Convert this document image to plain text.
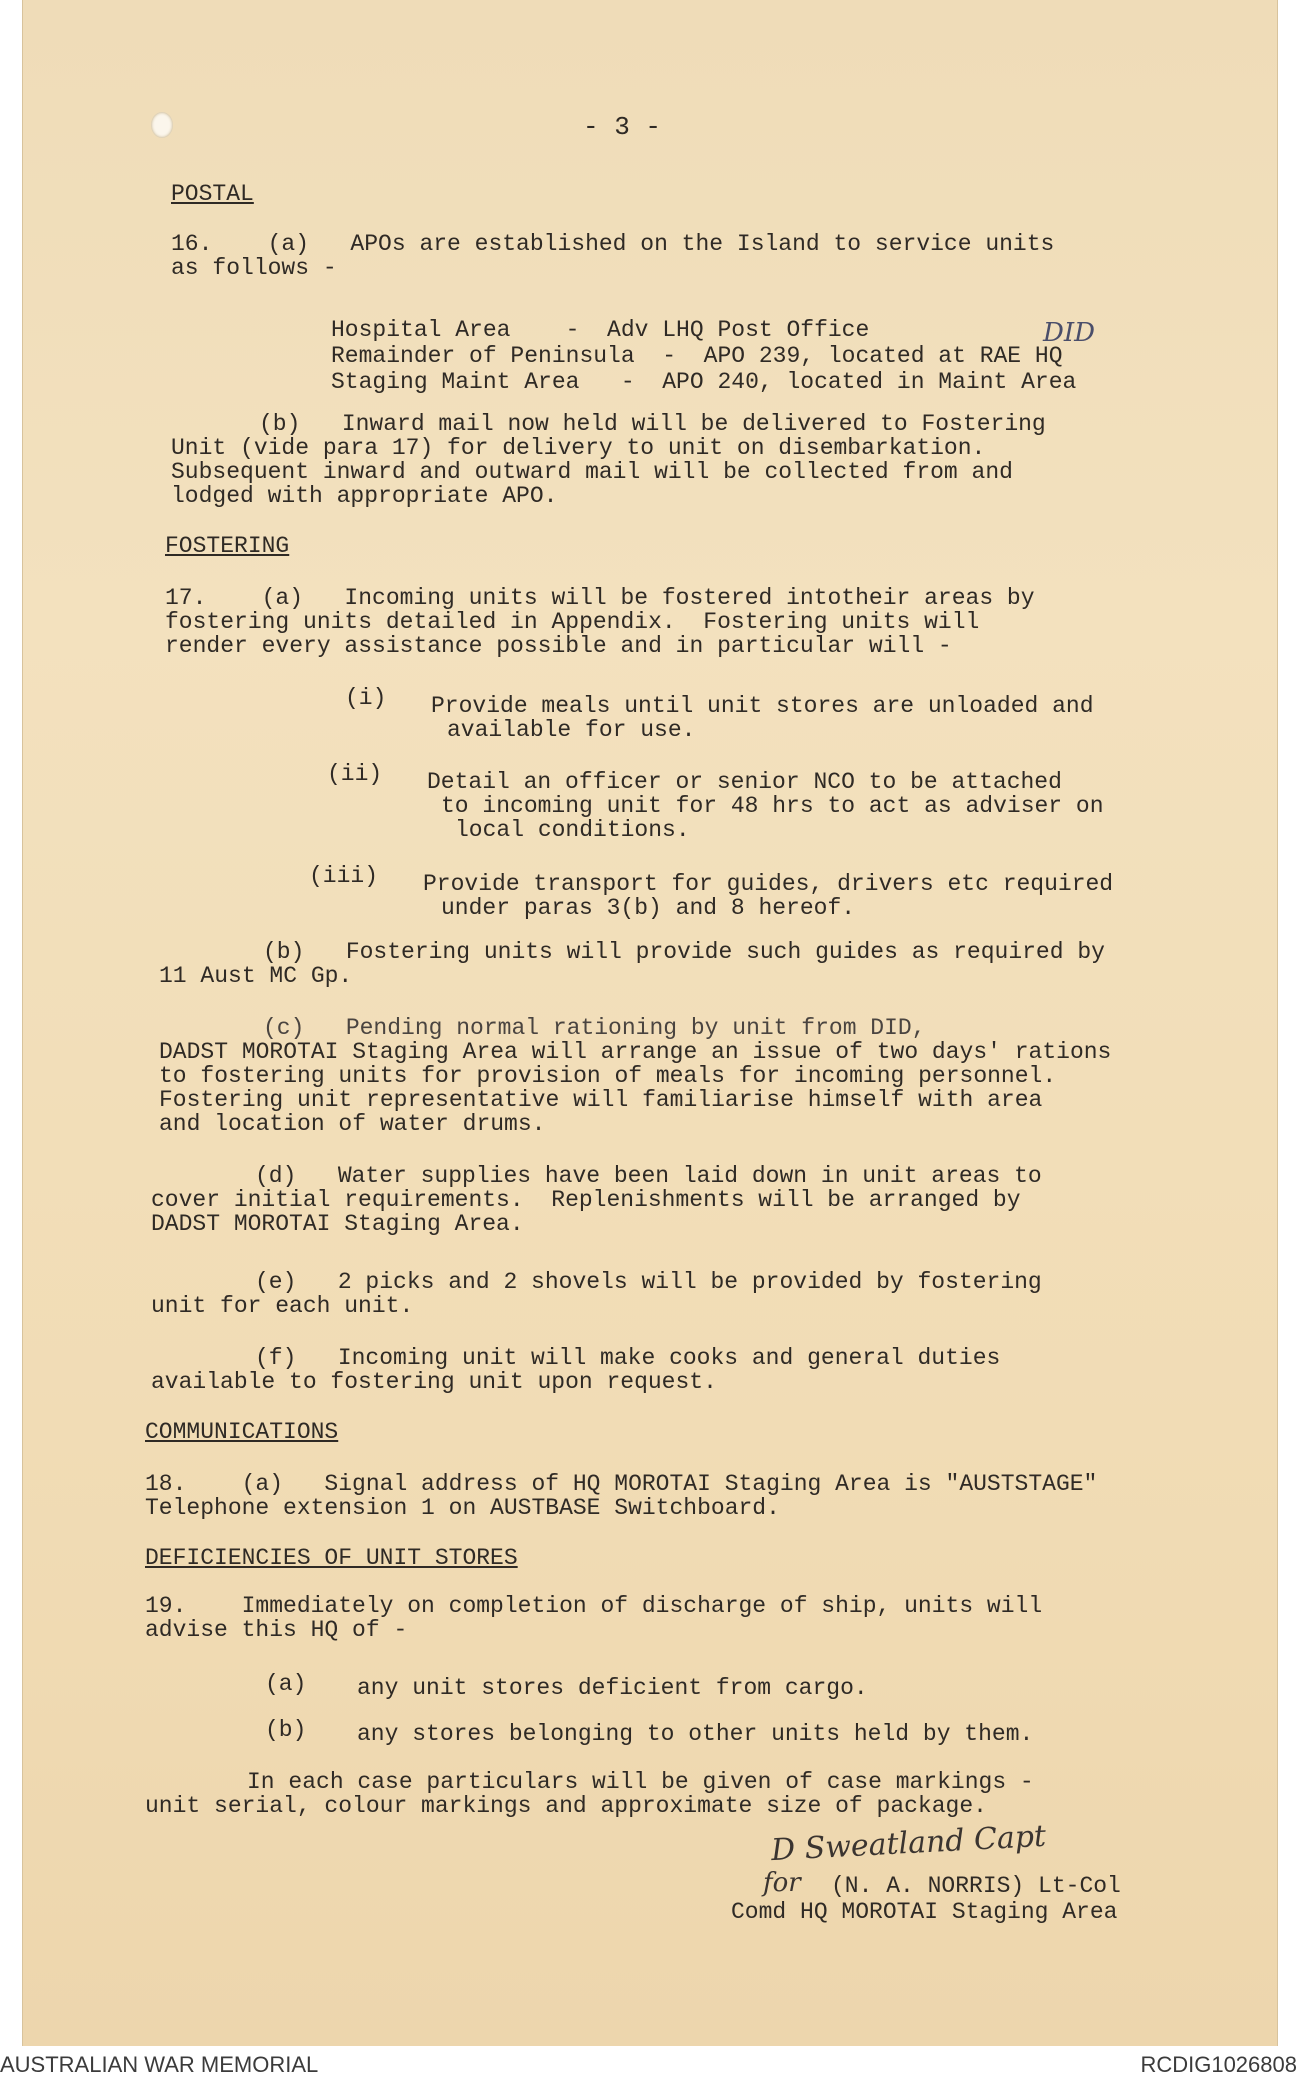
- 3 -
POSTAL
16.    (a)   APOs are established on the Island to service units
as follows -
Hospital Area    -  Adv LHQ Post Office
Remainder of Peninsula  -  APO 239, located at RAE HQ
DID
Staging Maint Area   -  APO 240, located in Maint Area
(b)   Inward mail now held will be delivered to Fostering
Unit (vide para 17) for delivery to unit on disembarkation.
Subsequent inward and outward mail will be collected from and
lodged with appropriate APO.
FOSTERING
17.    (a)   Incoming units will be fostered intotheir areas by
fostering units detailed in Appendix.  Fostering units will
render every assistance possible and in particular will -
(i) Provide meals until unit stores are unloaded and
available for use.
(ii) Detail an officer or senior NCO to be attached
to incoming unit for 48 hrs to act as adviser on
local conditions.
(iii) Provide transport for guides, drivers etc required
under paras 3(b) and 8 hereof.
(b)   Fostering units will provide such guides as required by
11 Aust MC Gp.
(c)   Pending normal rationing by unit from DID,
DADST MOROTAI Staging Area will arrange an issue of two days' rations
to fostering units for provision of meals for incoming personnel.
Fostering unit representative will familiarise himself with area
and location of water drums.
(d)   Water supplies have been laid down in unit areas to
cover initial requirements.  Replenishments will be arranged by
DADST MOROTAI Staging Area.
(e)   2 picks and 2 shovels will be provided by fostering
unit for each unit.
(f)   Incoming unit will make cooks and general duties
available to fostering unit upon request.
COMMUNICATIONS
18.    (a)   Signal address of HQ MOROTAI Staging Area is "AUSTSTAGE"
Telephone extension 1 on AUSTBASE Switchboard.
DEFICIENCIES OF UNIT STORES
19.    Immediately on completion of discharge of ship, units will
advise this HQ of -
(a) any unit stores deficient from cargo.
(b) any stores belonging to other units held by them.
In each case particulars will be given of case markings -
unit serial, colour markings and approximate size of package.
D Sweatland Capt
for (N. A. NORRIS) Lt-Col
Comd HQ MOROTAI Staging Area
AUSTRALIAN WAR MEMORIAL	RCDIG1026808
